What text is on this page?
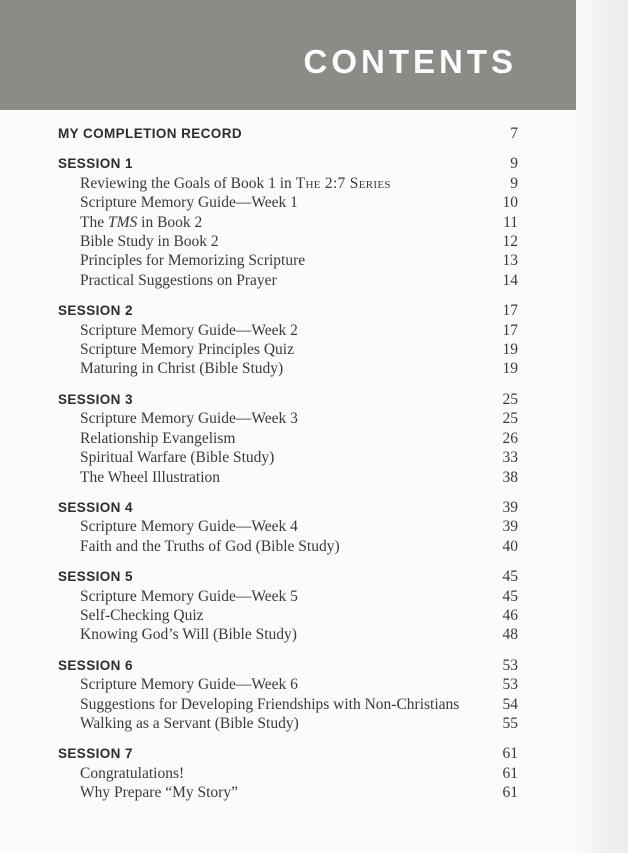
CONTENTS
MY COMPLETION RECORD	7
SESSION 1	9
Reviewing the Goals of Book 1 in The 2:7 Series	9
Scripture Memory Guide—Week 1	10
The TMS in Book 2	11
Bible Study in Book 2	12
Principles for Memorizing Scripture	13
Practical Suggestions on Prayer	14
SESSION 2	17
Scripture Memory Guide—Week 2	17
Scripture Memory Principles Quiz	19
Maturing in Christ (Bible Study)	19
SESSION 3	25
Scripture Memory Guide—Week 3	25
Relationship Evangelism	26
Spiritual Warfare (Bible Study)	33
The Wheel Illustration	38
SESSION 4	39
Scripture Memory Guide—Week 4	39
Faith and the Truths of God (Bible Study)	40
SESSION 5	45
Scripture Memory Guide—Week 5	45
Self-Checking Quiz	46
Knowing God’s Will (Bible Study)	48
SESSION 6	53
Scripture Memory Guide—Week 6	53
Suggestions for Developing Friendships with Non-Christians	54
Walking as a Servant (Bible Study)	55
SESSION 7	61
Congratulations!	61
Why Prepare “My Story”	61
